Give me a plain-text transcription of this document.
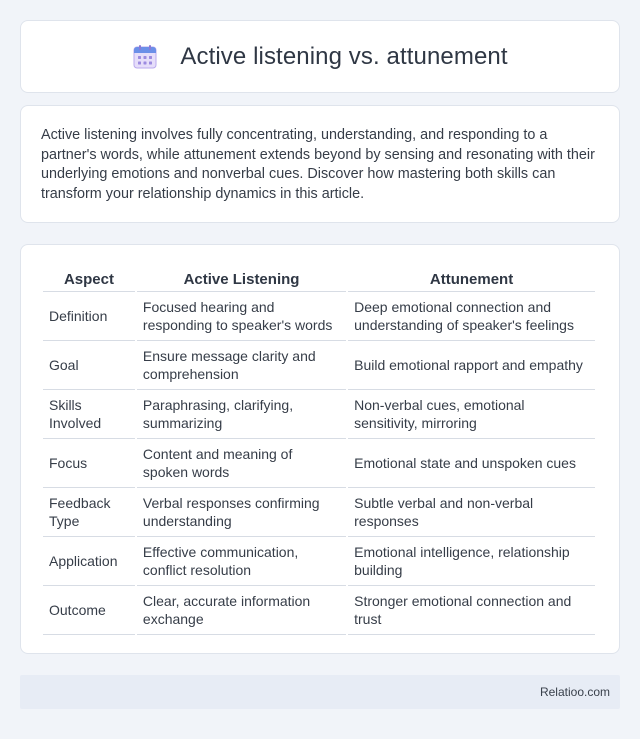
Active listening vs. attunement

Active listening involves fully concentrating, understanding, and responding to a partner's words, while attunement extends beyond by sensing and resonating with their underlying emotions and nonverbal cues. Discover how mastering both skills can transform your relationship dynamics in this article.

Aspect	Active Listening	Attunement
Definition	Focused hearing and responding to speaker's words	Deep emotional connection and understanding of speaker's feelings
Goal	Ensure message clarity and comprehension	Build emotional rapport and empathy
Skills Involved	Paraphrasing, clarifying, summarizing	Non-verbal cues, emotional sensitivity, mirroring
Focus	Content and meaning of spoken words	Emotional state and unspoken cues
Feedback Type	Verbal responses confirming understanding	Subtle verbal and non-verbal responses
Application	Effective communication, conflict resolution	Emotional intelligence, relationship building
Outcome	Clear, accurate information exchange	Stronger emotional connection and trust
Relatioo.com
